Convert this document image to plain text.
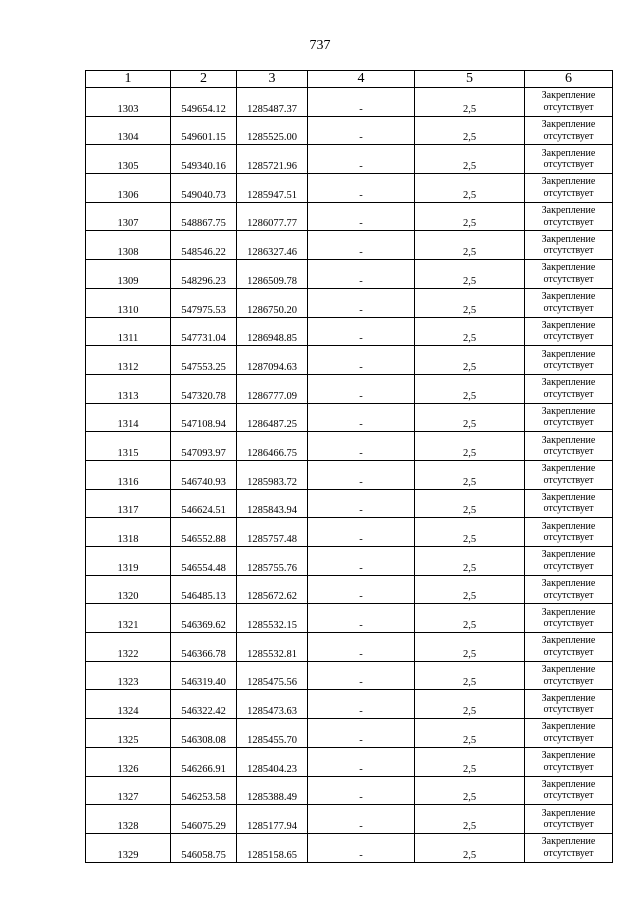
737
1	2	3	4	5	6
1303	549654.12	1285487.37	-	2,5	Закрепление отсутствует
1304	549601.15	1285525.00	-	2,5	Закрепление отсутствует
1305	549340.16	1285721.96	-	2,5	Закрепление отсутствует
1306	549040.73	1285947.51	-	2,5	Закрепление отсутствует
1307	548867.75	1286077.77	-	2,5	Закрепление отсутствует
1308	548546.22	1286327.46	-	2,5	Закрепление отсутствует
1309	548296.23	1286509.78	-	2,5	Закрепление отсутствует
1310	547975.53	1286750.20	-	2,5	Закрепление отсутствует
1311	547731.04	1286948.85	-	2,5	Закрепление отсутствует
1312	547553.25	1287094.63	-	2,5	Закрепление отсутствует
1313	547320.78	1286777.09	-	2,5	Закрепление отсутствует
1314	547108.94	1286487.25	-	2,5	Закрепление отсутствует
1315	547093.97	1286466.75	-	2,5	Закрепление отсутствует
1316	546740.93	1285983.72	-	2,5	Закрепление отсутствует
1317	546624.51	1285843.94	-	2,5	Закрепление отсутствует
1318	546552.88	1285757.48	-	2,5	Закрепление отсутствует
1319	546554.48	1285755.76	-	2,5	Закрепление отсутствует
1320	546485.13	1285672.62	-	2,5	Закрепление отсутствует
1321	546369.62	1285532.15	-	2,5	Закрепление отсутствует
1322	546366.78	1285532.81	-	2,5	Закрепление отсутствует
1323	546319.40	1285475.56	-	2,5	Закрепление отсутствует
1324	546322.42	1285473.63	-	2,5	Закрепление отсутствует
1325	546308.08	1285455.70	-	2,5	Закрепление отсутствует
1326	546266.91	1285404.23	-	2,5	Закрепление отсутствует
1327	546253.58	1285388.49	-	2,5	Закрепление отсутствует
1328	546075.29	1285177.94	-	2,5	Закрепление отсутствует
1329	546058.75	1285158.65	-	2,5	Закрепление отсутствует
